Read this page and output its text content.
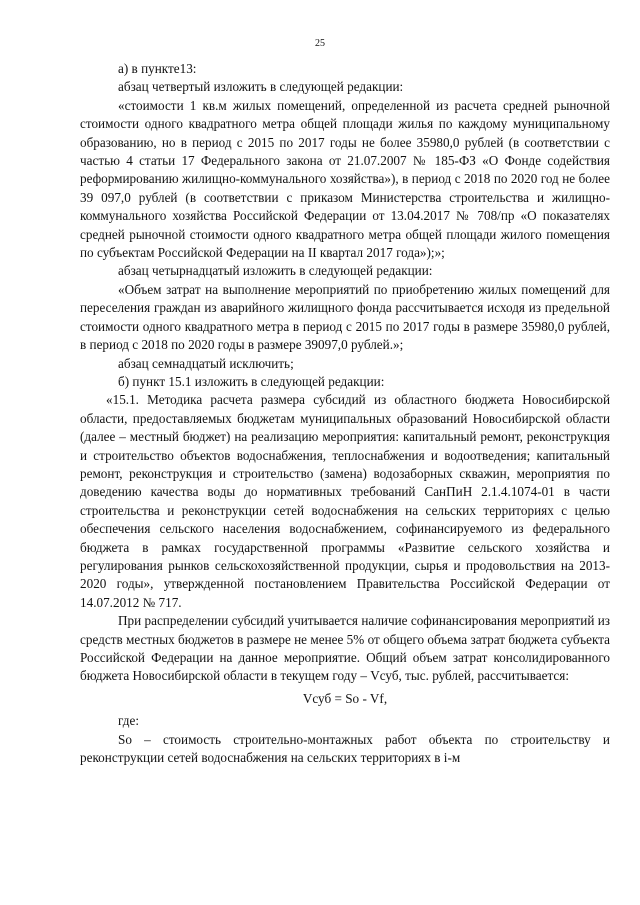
25

а) в пункте13:

абзац четвертый изложить в следующей редакции:

«стоимости 1 кв.м жилых помещений, определенной из расчета средней рыночной стоимости одного квадратного метра общей площади жилья по каждому муниципальному образованию, но в период с 2015 по 2017 годы не более 35980,0 рублей (в соответствии с частью 4 статьи 17 Федерального закона от 21.07.2007 № 185-ФЗ «О Фонде содействия реформированию жилищно-коммунального хозяйства»), в период с 2018 по 2020 год не более 39 097,0 рублей (в соответствии с приказом Министерства строительства и жилищно-коммунального хозяйства Российской Федерации от 13.04.2017 № 708/пр «О показателях средней рыночной стоимости одного квадратного метра общей площади жилого помещения по субъектам Российской Федерации на II квартал 2017 года»);»;

абзац четырнадцатый изложить в следующей редакции:

«Объем затрат на выполнение мероприятий по приобретению жилых помещений для переселения граждан из аварийного жилищного фонда рассчитывается исходя из предельной стоимости одного квадратного метра в период с 2015 по 2017 годы в размере 35980,0 рублей, в период с 2018 по 2020 годы в размере 39097,0 рублей.»;

абзац семнадцатый исключить;

б) пункт 15.1 изложить в следующей редакции:

«15.1. Методика расчета размера субсидий из областного бюджета Новосибирской области, предоставляемых бюджетам муниципальных образований Новосибирской области (далее – местный бюджет) на реализацию мероприятия: капитальный ремонт, реконструкция и строительство объектов водоснабжения, теплоснабжения и водоотведения; капитальный ремонт, реконструкция и строительство (замена) водозаборных скважин, мероприятия по доведению качества воды до нормативных требований СанПиН 2.1.4.1074-01 в части строительства и реконструкции сетей водоснабжения на сельских территориях с целью обеспечения сельского населения водоснабжением, софинансируемого из федерального бюджета в рамках государственной программы «Развитие сельского хозяйства и регулирования рынков сельскохозяйственной продукции, сырья и продовольствия на 2013-2020 годы», утвержденной постановлением Правительства Российской Федерации от 14.07.2012 № 717.

При распределении субсидий учитывается наличие софинансирования мероприятий из средств местных бюджетов в размере не менее 5% от общего объема затрат бюджета субъекта Российской Федерации на данное мероприятие. Общий объем затрат консолидированного бюджета Новосибирской области в текущем году – Vсуб, тыс. рублей, рассчитывается:

Vсуб = So - Vf,

где:

So – стоимость строительно-монтажных работ объекта по строительству и реконструкции сетей водоснабжения на сельских территориях в i-м
